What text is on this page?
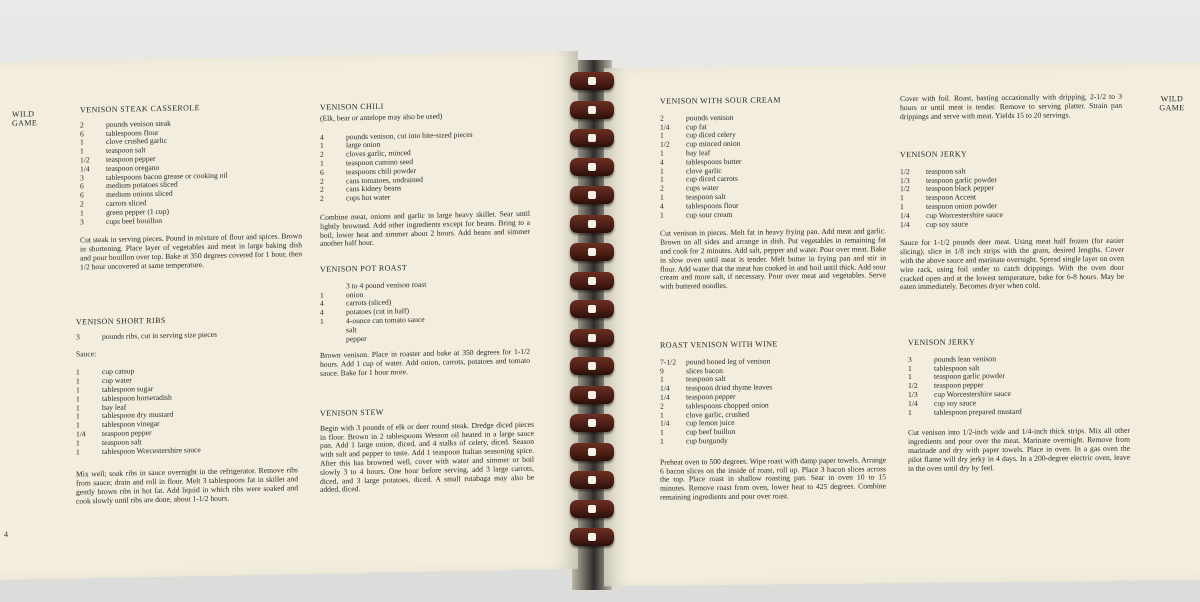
WILD GAME
4
VENISON STEAK CASSEROLE
2	pounds venison steak
6	tablespoons flour
1	clove crushed garlic
1	teaspoon salt
1/2	teaspoon pepper
1/4	teaspoon oregano
3	tablespoons bacon grease or cooking oil
6	medium potatoes sliced
6	medium onions sliced
2	carrots sliced
1	green pepper (1 cup)
3	cups beef bouillon
Cut steak in serving pieces. Pound in mixture of flour and spices. Brown in shortening. Place layer of vegetables and meat in large baking dish and pour bouillon over top. Bake at 350 degrees covered for 1 hour, then 1/2 hour uncovered at same temperature.
VENISON SHORT RIBS
3	pounds ribs, cut in serving size pieces
Sauce:
1	cup catsup
1	cup water
1	tablespoon sugar
1	tablespoon horseradish
1	bay leaf
1	tablespoon dry mustard
1	tablespoon vinegar
1/4	teaspoon pepper
1	teaspoon salt
1	tablespoon Worcestershire sauce
Mix well; soak ribs in sauce overnight in the refrigerator. Remove ribs from sauce; drain and roll in flour. Melt 3 tablespoons fat in skillet and gently brown ribs in hot fat. Add liquid in which ribs were soaked and cook slowly until ribs are done, about 1-1/2 hours.
VENISON CHILI
(Elk, bear or antelope may also be used)
4	pounds venison, cut into bite-sized pieces
1	large onion
2	cloves garlic, minced
1	teaspoon cumino seed
6	teaspoons chili powder
2	cans tomatoes, undrained
2	cans kidney beans
2	cups hot water
Combine meat, onions and garlic in large heavy skillet. Sear until lightly browned. Add other ingredients except for beans. Bring to a boil, lower heat and simmer about 2 hours. Add beans and simmer another half hour.
VENISON POT ROAST
3 to 4 pound venison roast
1	onion
4	carrots (sliced)
4	potatoes (cut in half)
1	4-ounce can tomato sauce
salt
pepper
Brown venison. Place in roaster and bake at 350 degrees for 1-1/2 hours. Add 1 cup of water. Add onion, carrots, potatoes and tomato sauce. Bake for 1 hour more.
VENISON STEW
Begin with 3 pounds of elk or deer round steak. Dredge diced pieces in flour. Brown in 2 tablespoons Wesson oil heated in a large sauce pan. Add 1 large onion, diced, and 4 stalks of celery, diced. Season with salt and pepper to taste. Add 1 teaspoon Italian seasoning spice. After this has browned well, cover with water and simmer or boil slowly 3 to 4 hours. One hour before serving, add 3 large carrots, diced, and 3 large potatoes, diced. A small rutabaga may also be added, diced.
WILD GAME
VENISON WITH SOUR CREAM
2	pounds venison
1/4	cup fat
1	cup diced celery
1/2	cup minced onion
1	bay leaf
4	tablespoons butter
1	clove garlic
1	cup diced carrots
2	cups water
1	teaspoon salt
4	tablespoons flour
1	cup sour cream
Cut venison in pieces. Melt fat in heavy frying pan. Add meat and garlic. Brown on all sides and arrange in dish. Put vegetables in remaining fat and cook for 2 minutes. Add salt, pepper and water. Pour over meat. Bake in slow oven until meat is tender. Melt butter in frying pan and stir in flour. Add water that the meat has cooked in and boil until thick. Add sour cream and more salt, if necessary. Pour over meat and vegetables. Serve with buttered noodles.
ROAST VENISON WITH WINE
7-1/2	pound boned leg of venison
9	slices bacon
1	teaspoon salt
1/4	teaspoon dried thyme leaves
1/4	teaspoon pepper
2	tablespoons chopped onion
1	clove garlic, crushed
1/4	cup lemon juice
1	cup beef buillon
1	cup burgundy
Preheat oven to 500 degrees. Wipe roast with damp paper towels. Arrange 6 bacon slices on the inside of roast, roll up. Place 3 bacon slices across the top. Place roast in shallow roasting pan. Sear in oven 10 to 15 minutes. Remove roast from oven, lower heat to 425 degrees. Combine remaining ingredients and pour over roast.
Cover with foil. Roast, basting occasionally with dripping, 2-1/2 to 3 hours or until meat is tender. Remove to serving platter. Strain pan drippings and serve with meat. Yields 15 to 20 servings.
VENISON JERKY
1/2	teaspoon salt
1/3	teaspoon garlic powder
1/2	teaspoon black pepper
1	teaspoon Accent
1	teaspoon onion powder
1/4	cup Worcestershire sauce
1/4	cup soy sauce
Sauce for 1-1/2 pounds deer meat. Using meat half frozen (for easier slicing), slice in 1/8 inch strips with the grain, desired lengths. Cover with the above sauce and marinate overnight. Spread single layer on oven wire rack, using foil under to catch drippings. With the oven door cracked open and at the lowest temperature, bake for 6-8 hours. May be eaten immediately. Becomes dryer when cold.
VENISON JERKY
3	pounds lean venison
1	tablespoon salt
1	teaspoon garlic powder
1/2	teaspoon pepper
1/3	cup Worcestershire sauce
1/4	cup soy sauce
1	tablespoon prepared mustard
Cut venison into 1/2-inch wide and 1/4-inch thick strips. Mix all other ingredients and pour over the meat. Marinate overnight. Remove from marinade and dry with paper towels. Place in oven. In a gas oven the pilot flame will dry jerky in 4 days. In a 200-degree electric oven, leave in the oven until dry by feel.
